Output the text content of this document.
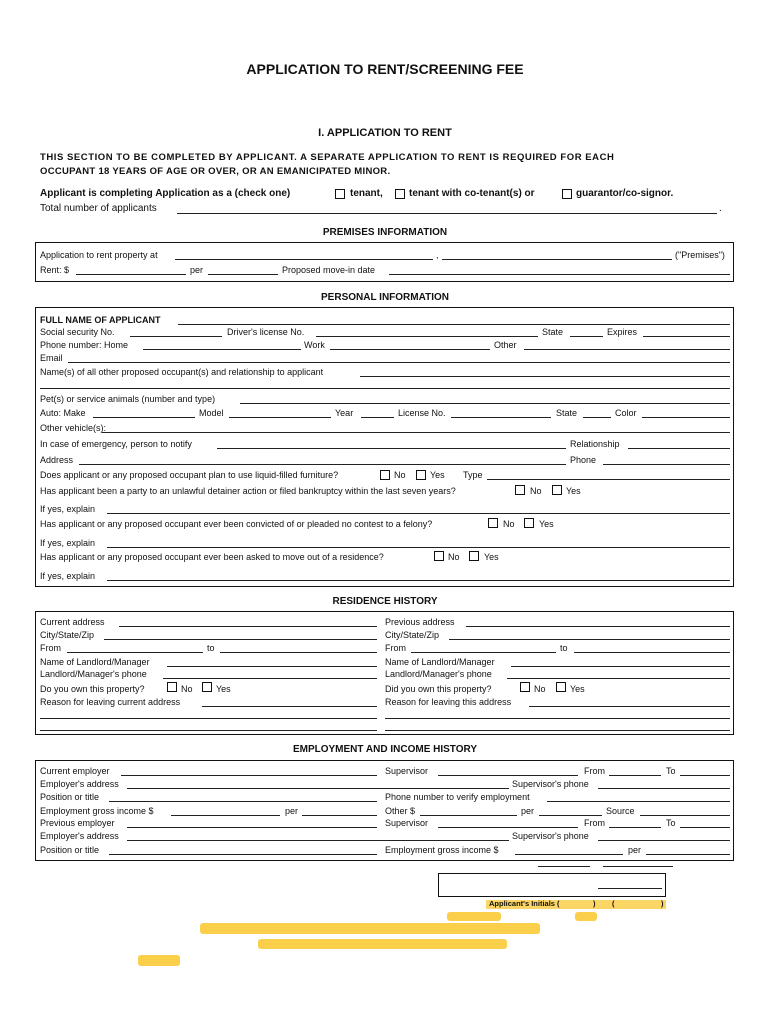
APPLICATION TO RENT/SCREENING FEE
I. APPLICATION TO RENT
THIS SECTION TO BE COMPLETED BY APPLICANT. A SEPARATE APPLICATION TO RENT IS REQUIRED FOR EACH
OCCUPANT 18 YEARS OF AGE OR OVER, OR AN EMANICIPATED MINOR.
Applicant is completing Application as a (check one)	tenant,	tenant with co-tenant(s) or	guarantor/co-signor.
Total number of applicants	.
PREMISES INFORMATION
Application to rent property at	,	("Premises")
Rent: $	per	Proposed move-in date
PERSONAL INFORMATION
FULL NAME OF APPLICANT
Social security No.	Driver's license No.	State	Expires
Phone number: Home	Work	Other
Email
Name(s) of all other proposed occupant(s) and relationship to applicant
Pet(s) or service animals (number and type)
Auto: Make	Model	Year	License No.	State	Color
Other vehicle(s):
In case of emergency, person to notify	Relationship
Address	Phone
Does applicant or any proposed occupant plan to use liquid-filled furniture?	No	Yes Type
Has applicant been a party to an unlawful detainer action or filed bankruptcy within the last seven years?	No	Yes
If yes, explain
Has applicant or any proposed occupant ever been convicted of or pleaded no contest to a felony?	No	Yes
If yes, explain
Has applicant or any proposed occupant ever been asked to move out of a residence?	No	Yes
If yes, explain
RESIDENCE HISTORY
Current address	Previous address
City/State/Zip	City/State/Zip
From	to	From	to
Name of Landlord/Manager	Name of Landlord/Manager
Landlord/Manager's phone	Landlord/Manager's phone
Do you own this property?	No	Yes	Did you own this property?	No	Yes
Reason for leaving current address	Reason for leaving this address
EMPLOYMENT AND INCOME HISTORY
Current employer	Supervisor	From	To
Employer's address	Supervisor's phone
Position or title	Phone number to verify employment
Employment gross income $	per	Other $	per	Source
Previous employer	Supervisor	From	To
Employer's address	Supervisor's phone
Position or title	Employment gross income $	per
Applicant's Initials (	) (	)
